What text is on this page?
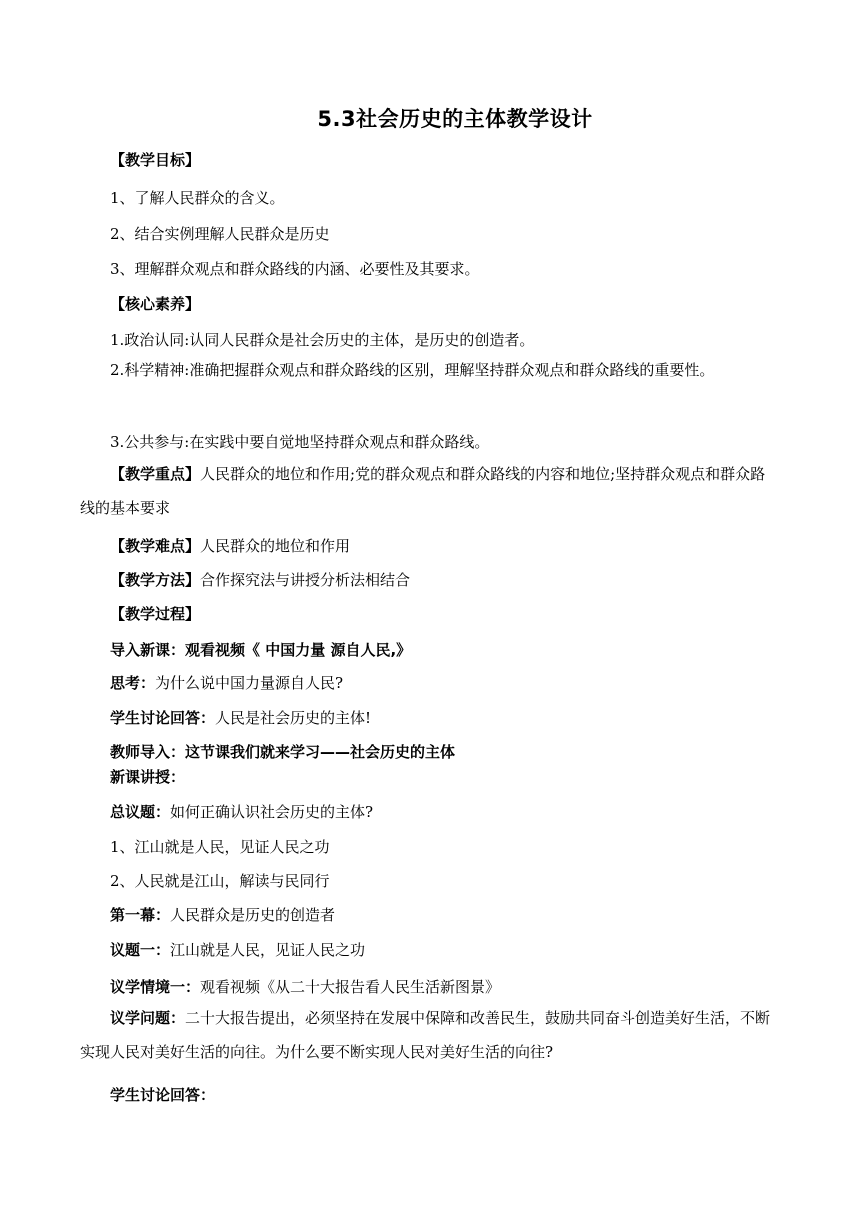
5.3社会历史的主体教学设计
【教学目标】
1、了解人民群众的含义。
2、结合实例理解人民群众是历史
3、理解群众观点和群众路线的内涵、必要性及其要求。
【核心素养】
1.政治认同:认同人民群众是社会历史的主体，是历史的创造者。
2.科学精神:准确把握群众观点和群众路线的区别，理解坚持群众观点和群众路线的重要性。
3.公共参与:在实践中要自觉地坚持群众观点和群众路线。
【教学重点】人民群众的地位和作用;党的群众观点和群众路线的内容和地位;坚持群众观点和群众路线的基本要求
【教学难点】人民群众的地位和作用
【教学方法】合作探究法与讲授分析法相结合
【教学过程】
导入新课：观看视频《 中国力量 源自人民,》
思考：为什么说中国力量源自人民?
学生讨论回答：人民是社会历史的主体!
教师导入：这节课我们就来学习——社会历史的主体
新课讲授：
总议题：如何正确认识社会历史的主体?
1、江山就是人民，见证人民之功
2、人民就是江山，解读与民同行
第一幕：人民群众是历史的创造者
议题一：江山就是人民，见证人民之功
议学情境一：观看视频《从二十大报告看人民生活新图景》
议学问题：二十大报告提出，必须坚持在发展中保障和改善民生，鼓励共同奋斗创造美好生活，不断实现人民对美好生活的向往。为什么要不断实现人民对美好生活的向往?
学生讨论回答：
